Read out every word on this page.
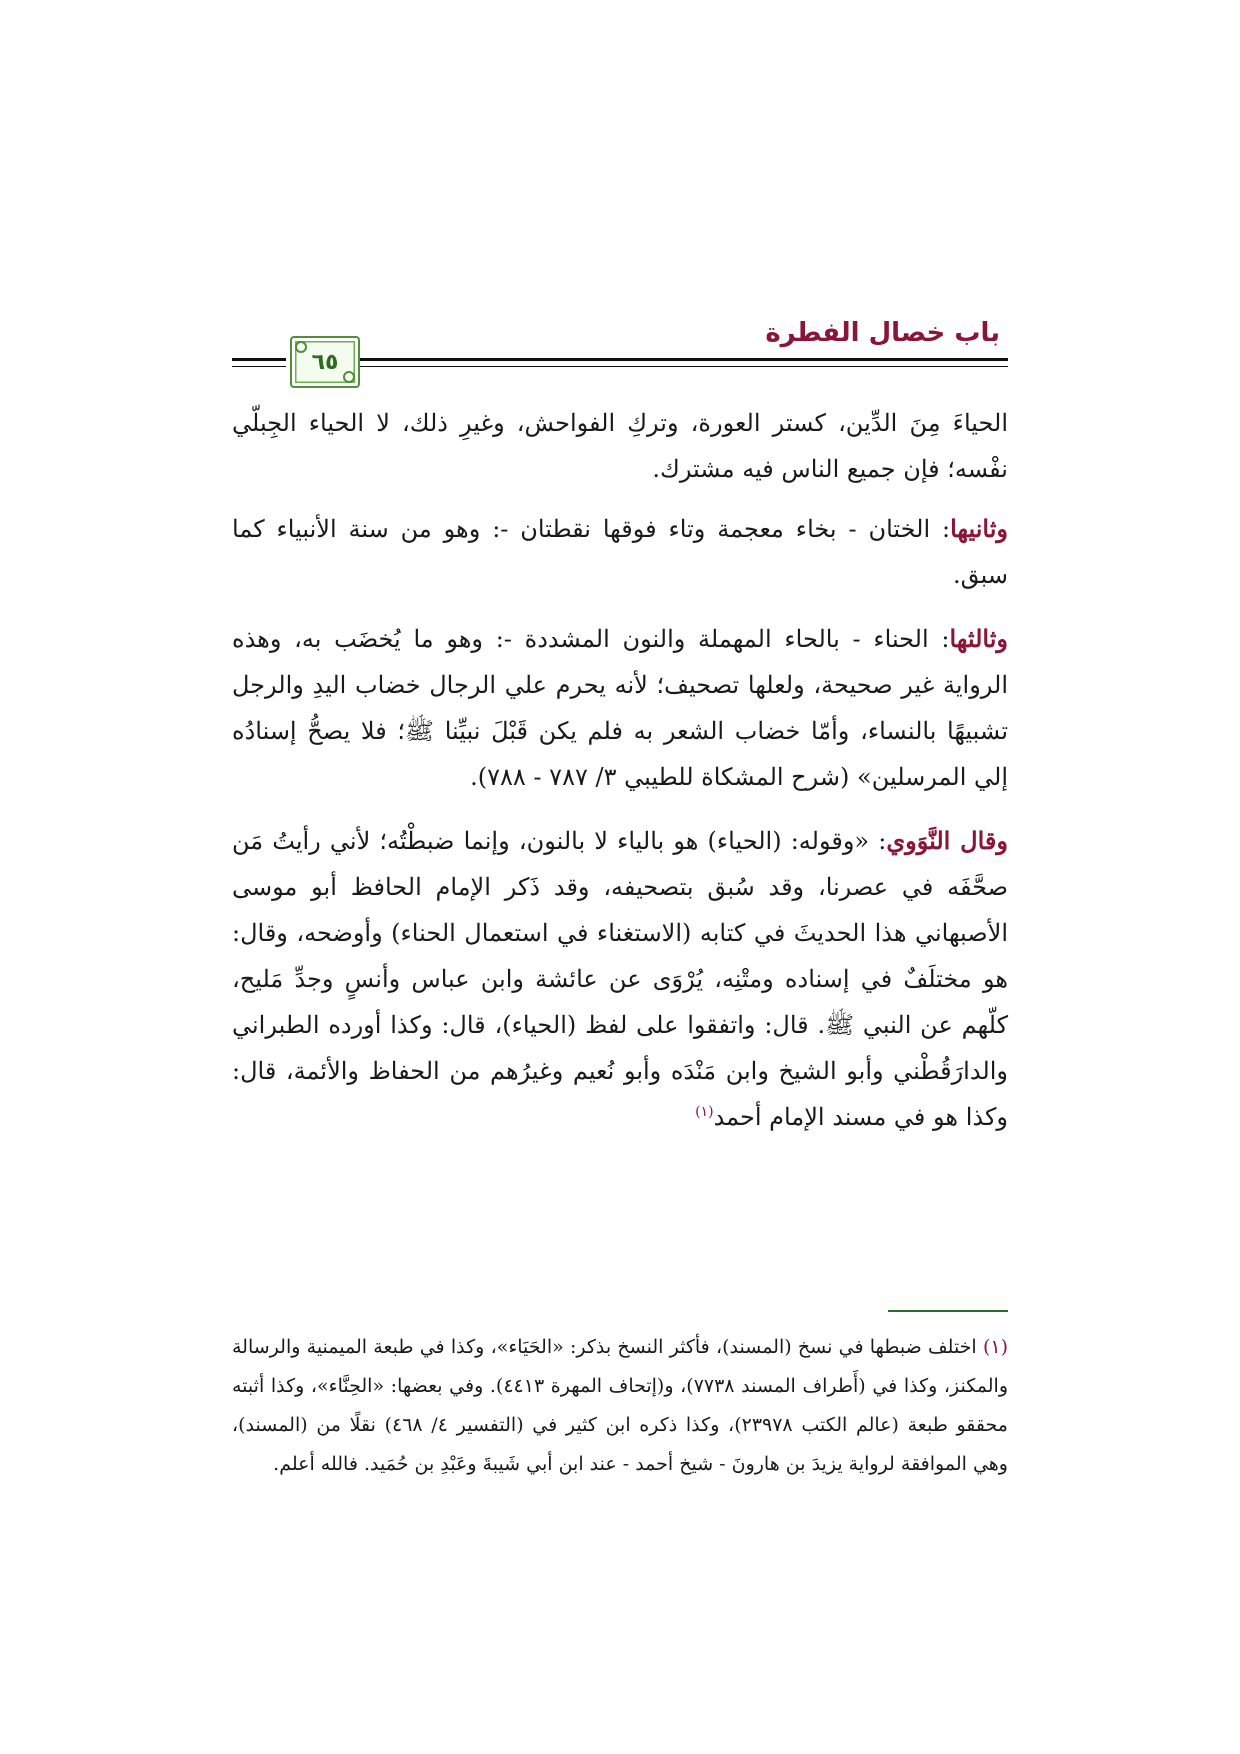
باب خصال الفطرة
٦٥

الحياءَ مِنَ الدِّين، كستر العورة، وتركِ الفواحش، وغيرِ ذلك، لا الحياء الجِبلّي نفْسه؛ فإن جميع الناس فيه مشترك.

وثانيها: الختان - بخاء معجمة وتاء فوقها نقطتان -: وهو من سنة الأنبياء كما سبق.

وثالثها: الحناء - بالحاء المهملة والنون المشددة -: وهو ما يُخضَب به، وهذه الرواية غير صحيحة، ولعلها تصحيف؛ لأنه يحرم علي الرجال خضاب اليدِ والرجل تشبيهًا بالنساء، وأمّا خضاب الشعر به فلم يكن قَبْلَ نبيِّنا ﷺ؛ فلا يصحُّ إسنادُه إلي المرسلين» (شرح المشكاة للطيبي ٣/ ٧٨٧ - ٧٨٨).

وقال النَّوَوي: «وقوله: (الحياء) هو بالياء لا بالنون، وإنما ضبطْتُه؛ لأني رأيتُ مَن صحَّفَه في عصرنا، وقد سُبق بتصحيفه، وقد ذَكر الإمام الحافظ أبو موسى الأصبهاني هذا الحديثَ في كتابه (الاستغناء في استعمال الحناء) وأوضحه، وقال: هو مختلَفٌ في إسناده ومتْنِه، يُرْوَى عن عائشة وابن عباس وأنسٍ وجدِّ مَليح، كلّهم عن النبي ﷺ. قال: واتفقوا على لفظ (الحياء)، قال: وكذا أورده الطبراني والدارَقُطْني وأبو الشيخ وابن مَنْدَه وأبو نُعيم وغيرُهم من الحفاظ والأئمة، قال: وكذا هو في مسند الإمام أحمد$^{(١)}$

(١) اختلف ضبطها في نسخ (المسند)، فأكثر النسخ بذكر: «الحَيَاء»، وكذا في طبعة الميمنية والرسالة والمكنز، وكذا في (أَطراف المسند ٧٧٣٨)، و(إتحاف المهرة ٤٤١٣). وفي بعضها: «الحِنَّاء»، وكذا أثبته محققو طبعة (عالم الكتب ٢٣٩٧٨)، وكذا ذكره ابن كثير في (التفسير ٤/ ٤٦٨) نقلًا من (المسند)، وهي الموافقة لرواية يزيدَ بن هارونَ - شيخ أحمد - عند ابن أبي شَيبةَ وعَبْدِ بن حُمَيد. فالله أعلم.
